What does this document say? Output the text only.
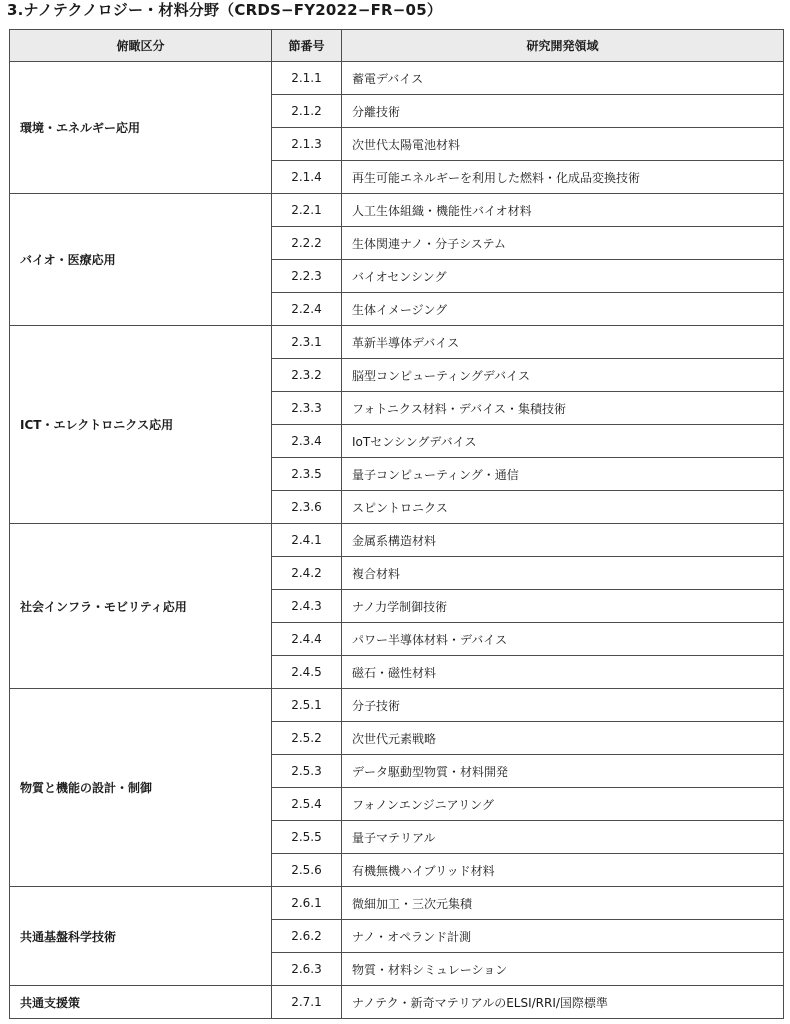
3.ナノテクノロジー・材料分野（CRDS−FY2022−FR−05）
俯瞰区分	節番号	研究開発領域
環境・エネルギー応用	2.1.1	蓄電デバイス
	2.1.2	分離技術
	2.1.3	次世代太陽電池材料
	2.1.4	再生可能エネルギーを利用した燃料・化成品変換技術
バイオ・医療応用	2.2.1	人工生体組織・機能性バイオ材料
	2.2.2	生体関連ナノ・分子システム
	2.2.3	バイオセンシング
	2.2.4	生体イメージング
ICT・エレクトロニクス応用	2.3.1	革新半導体デバイス
	2.3.2	脳型コンピューティングデバイス
	2.3.3	フォトニクス材料・デバイス・集積技術
	2.3.4	IoTセンシングデバイス
	2.3.5	量子コンピューティング・通信
	2.3.6	スピントロニクス
社会インフラ・モビリティ応用	2.4.1	金属系構造材料
	2.4.2	複合材料
	2.4.3	ナノ力学制御技術
	2.4.4	パワー半導体材料・デバイス
	2.4.5	磁石・磁性材料
物質と機能の設計・制御	2.5.1	分子技術
	2.5.2	次世代元素戦略
	2.5.3	データ駆動型物質・材料開発
	2.5.4	フォノンエンジニアリング
	2.5.5	量子マテリアル
	2.5.6	有機無機ハイブリッド材料
共通基盤科学技術	2.6.1	微細加工・三次元集積
	2.6.2	ナノ・オペランド計測
	2.6.3	物質・材料シミュレーション
共通支援策	2.7.1	ナノテク・新奇マテリアルのELSI/RRI/国際標準
